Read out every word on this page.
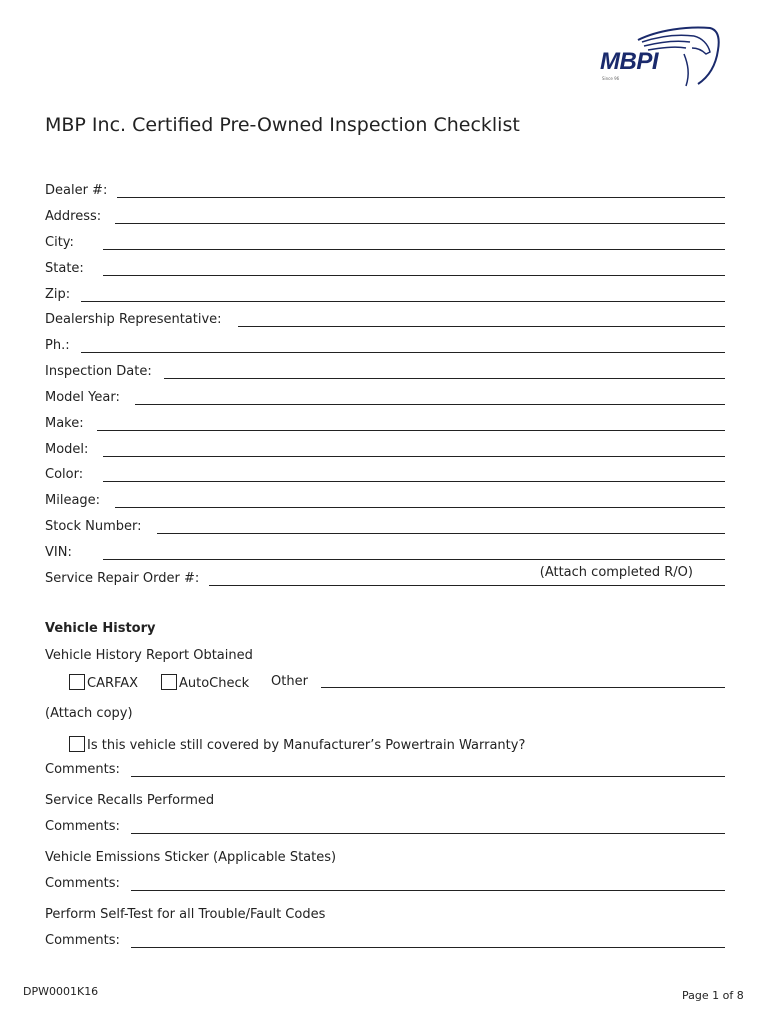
MBPI
Since 96
MBP Inc. Certified Pre-Owned Inspection Checklist
Dealer #:
Address:
City:
State:
Zip:
Dealership Representative:
Ph.:
Inspection Date:
Model Year:
Make:
Model:
Color:
Mileage:
Stock Number:
VIN:
Service Repair Order #:	(Attach completed R/O)
Vehicle History
Vehicle History Report Obtained
CARFAX	AutoCheck Other
(Attach copy)
Is this vehicle still covered by Manufacturer’s Powertrain Warranty?
Comments:
Service Recalls Performed
Comments:
Vehicle Emissions Sticker (Applicable States)
Comments:
Perform Self-Test for all Trouble/Fault Codes
Comments:
DPW0001K16	Page 1 of 8
